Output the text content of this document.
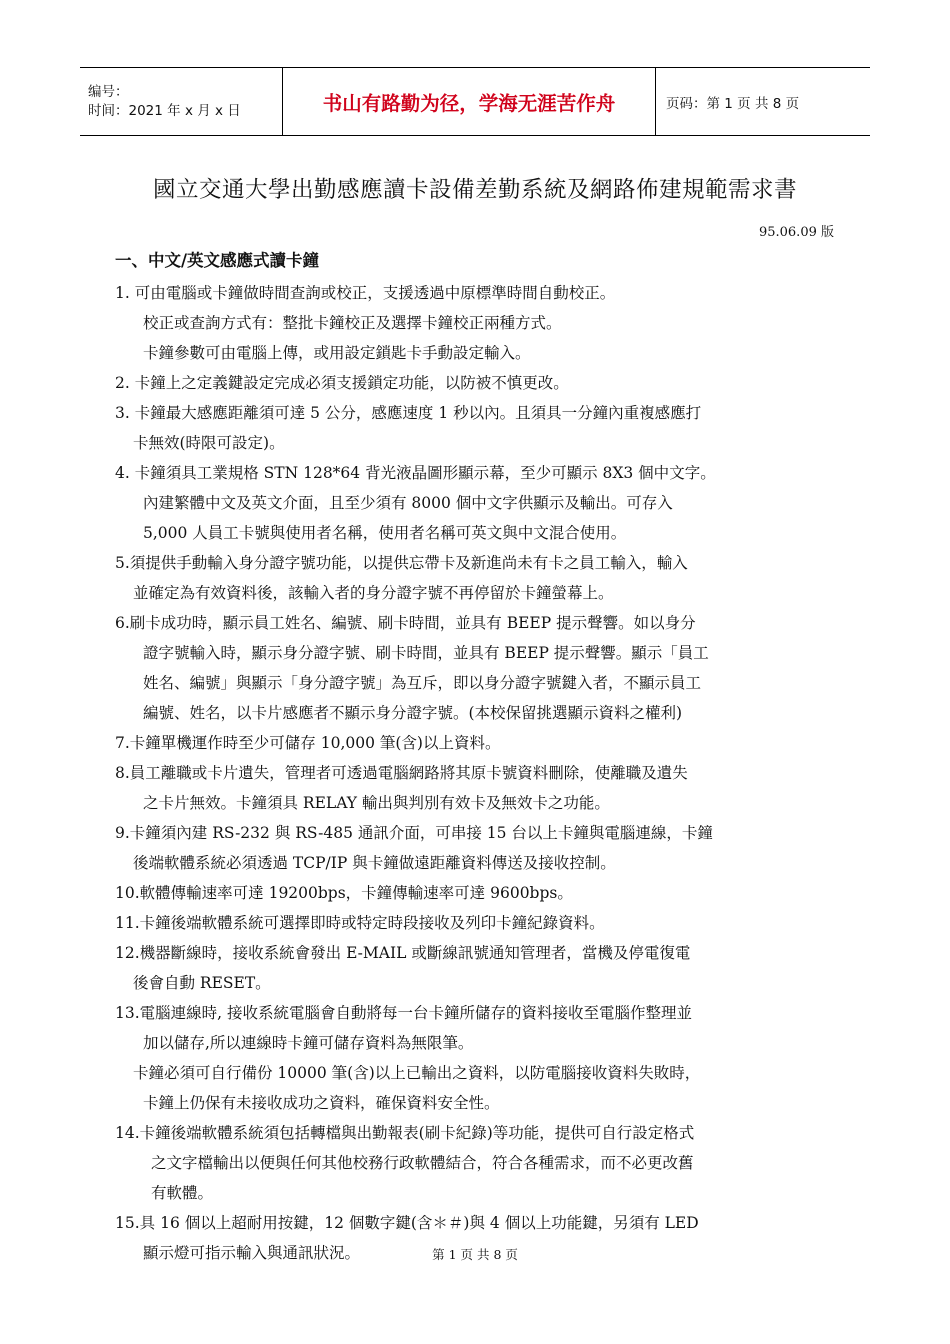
编号：
时间：2021 年 x 月 x 日	书山有路勤为径，学海无涯苦作舟	页码：第 1 页 共 8 页
國立交通大學出勤感應讀卡設備差勤系統及網路佈建規範需求書
95.06.09 版
一、中文/英文感應式讀卡鐘
1. 可由電腦或卡鐘做時間查詢或校正，支援透過中原標準時間自動校正。
校正或查詢方式有：整批卡鐘校正及選擇卡鐘校正兩種方式。
卡鐘參數可由電腦上傳，或用設定鎖匙卡手動設定輸入。
2. 卡鐘上之定義鍵設定完成必須支援鎖定功能，以防被不慎更改。
3. 卡鐘最大感應距離須可達 5 公分，感應速度 1 秒以內。且須具一分鐘內重複感應打
卡無效(時限可設定)。
4. 卡鐘須具工業規格 STN 128*64 背光液晶圖形顯示幕，至少可顯示 8X3 個中文字。
內建繁體中文及英文介面，且至少須有 8000 個中文字供顯示及輸出。可存入
5,000 人員工卡號與使用者名稱，使用者名稱可英文與中文混合使用。
5.須提供手動輸入身分證字號功能，以提供忘帶卡及新進尚未有卡之員工輸入，輸入
並確定為有效資料後，該輸入者的身分證字號不再停留於卡鐘螢幕上。
6.刷卡成功時，顯示員工姓名、編號、刷卡時間，並具有 BEEP 提示聲響。如以身分
證字號輸入時，顯示身分證字號、刷卡時間，並具有 BEEP 提示聲響。顯示「員工
姓名、編號」與顯示「身分證字號」為互斥，即以身分證字號鍵入者，不顯示員工
編號、姓名，以卡片感應者不顯示身分證字號。(本校保留挑選顯示資料之權利)
7.卡鐘單機運作時至少可儲存 10,000 筆(含)以上資料。
8.員工離職或卡片遺失，管理者可透過電腦網路將其原卡號資料刪除，使離職及遺失
之卡片無效。卡鐘須具 RELAY 輸出與判別有效卡及無效卡之功能。
9.卡鐘須內建 RS-232 與 RS-485 通訊介面，可串接 15 台以上卡鐘與電腦連線，卡鐘
後端軟體系統必須透過 TCP/IP 與卡鐘做遠距離資料傳送及接收控制。
10.軟體傳輸速率可達 19200bps，卡鐘傳輸速率可達 9600bps。
11.卡鐘後端軟體系統可選擇即時或特定時段接收及列印卡鐘紀錄資料。
12.機器斷線時，接收系統會發出 E-MAIL 或斷線訊號通知管理者，當機及停電復電
後會自動 RESET。
13.電腦連線時, 接收系統電腦會自動將每一台卡鐘所儲存的資料接收至電腦作整理並
加以儲存,所以連線時卡鐘可儲存資料為無限筆。
卡鐘必須可自行備份 10000 筆(含)以上已輸出之資料，以防電腦接收資料失敗時，
卡鐘上仍保有未接收成功之資料，確保資料安全性。
14.卡鐘後端軟體系統須包括轉檔與出勤報表(刷卡紀錄)等功能，提供可自行設定格式
之文字檔輸出以便與任何其他校務行政軟體結合，符合各種需求，而不必更改舊
有軟體。
15.具 16 個以上超耐用按鍵，12 個數字鍵(含＊＃)與 4 個以上功能鍵，另須有 LED
顯示燈可指示輸入與通訊狀況。	第 1 页 共 8 页
